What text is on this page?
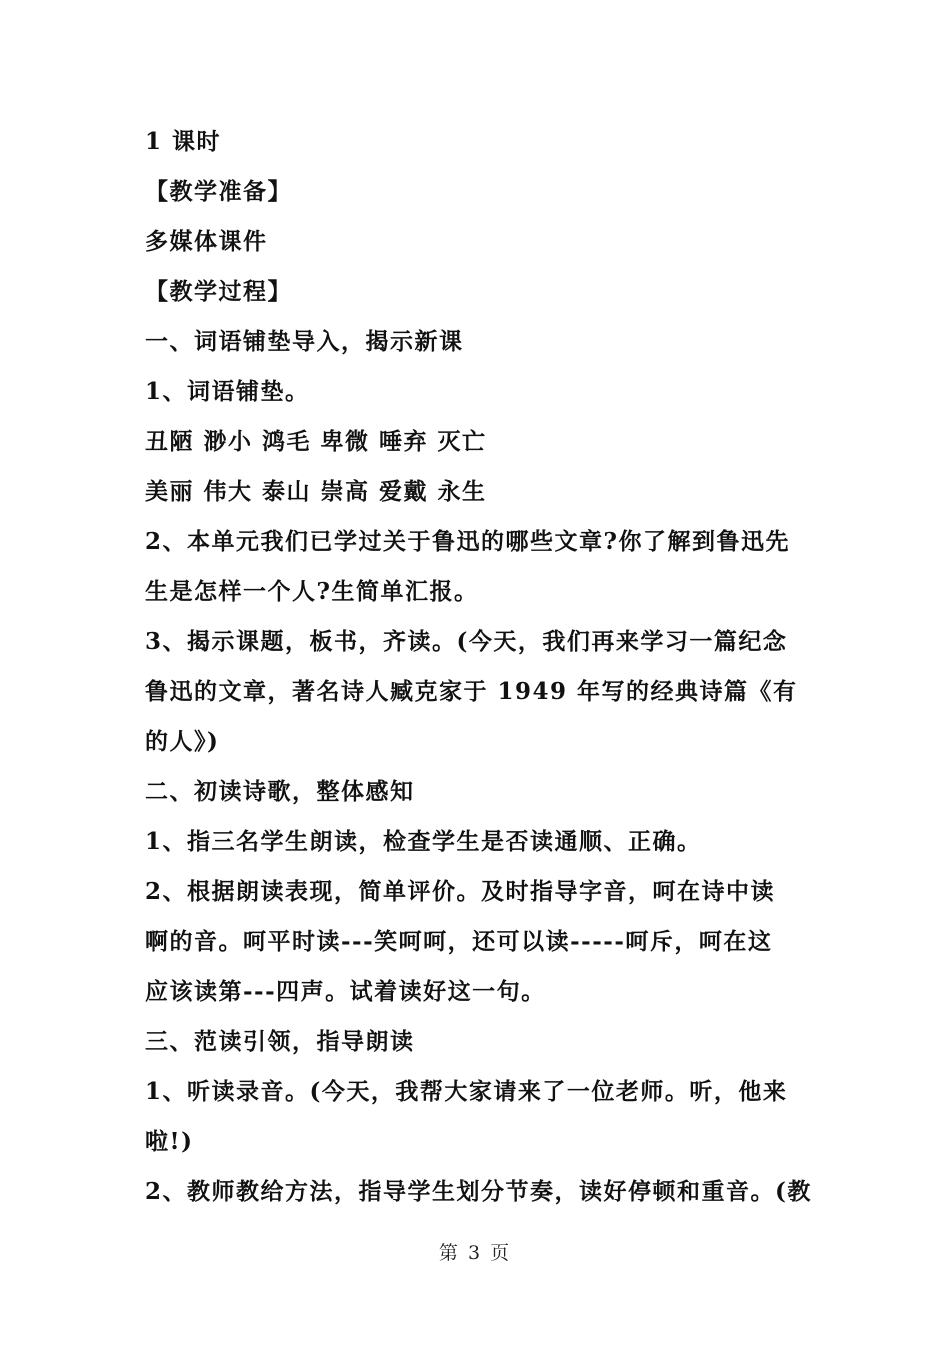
1 课时
【教学准备】
多媒体课件
【教学过程】
一、词语铺垫导入，揭示新课
1、词语铺垫。
丑陋 渺小 鸿毛 卑微 唾弃 灭亡
美丽 伟大 泰山 崇高 爱戴 永生
2、本单元我们已学过关于鲁迅的哪些文章?你了解到鲁迅先
生是怎样一个人?生简单汇报。
3、揭示课题，板书，齐读。(今天，我们再来学习一篇纪念
鲁迅的文章，著名诗人臧克家于 1949 年写的经典诗篇《有
的人》)
二、初读诗歌，整体感知
1、指三名学生朗读，检查学生是否读通顺、正确。
2、根据朗读表现，简单评价。及时指导字音，呵在诗中读
啊的音。呵平时读---笑呵呵，还可以读-----呵斥，呵在这
应该读第---四声。试着读好这一句。
三、范读引领，指导朗读
1、听读录音。(今天，我帮大家请来了一位老师。听，他来
啦!)
2、教师教给方法，指导学生划分节奏，读好停顿和重音。(教
第 3 页
